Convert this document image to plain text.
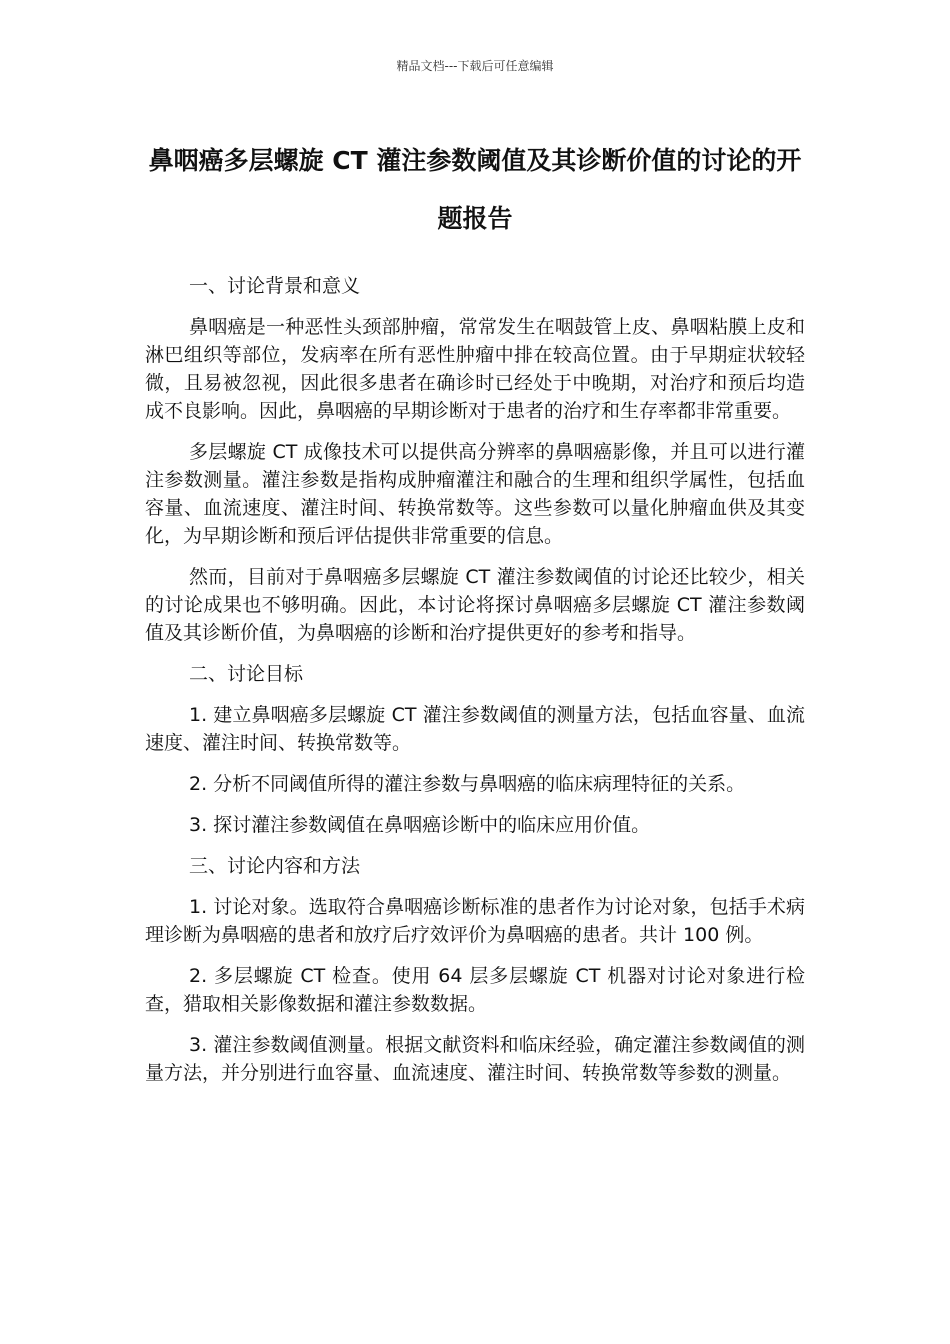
精品文档---下载后可任意编辑
鼻咽癌多层螺旋 CT 灌注参数阈值及其诊断价值的讨论的开题报告

一、讨论背景和意义

鼻咽癌是一种恶性头颈部肿瘤，常常发生在咽鼓管上皮、鼻咽粘膜上皮和淋巴组织等部位，发病率在所有恶性肿瘤中排在较高位置。由于早期症状较轻微，且易被忽视，因此很多患者在确诊时已经处于中晚期，对治疗和预后均造成不良影响。因此，鼻咽癌的早期诊断对于患者的治疗和生存率都非常重要。

多层螺旋 CT 成像技术可以提供高分辨率的鼻咽癌影像，并且可以进行灌注参数测量。灌注参数是指构成肿瘤灌注和融合的生理和组织学属性，包括血容量、血流速度、灌注时间、转换常数等。这些参数可以量化肿瘤血供及其变化，为早期诊断和预后评估提供非常重要的信息。

然而，目前对于鼻咽癌多层螺旋 CT 灌注参数阈值的讨论还比较少，相关的讨论成果也不够明确。因此，本讨论将探讨鼻咽癌多层螺旋 CT 灌注参数阈值及其诊断价值，为鼻咽癌的诊断和治疗提供更好的参考和指导。

二、讨论目标

1. 建立鼻咽癌多层螺旋 CT 灌注参数阈值的测量方法，包括血容量、血流速度、灌注时间、转换常数等。

2. 分析不同阈值所得的灌注参数与鼻咽癌的临床病理特征的关系。

3. 探讨灌注参数阈值在鼻咽癌诊断中的临床应用价值。

三、讨论内容和方法

1. 讨论对象。选取符合鼻咽癌诊断标准的患者作为讨论对象，包括手术病理诊断为鼻咽癌的患者和放疗后疗效评价为鼻咽癌的患者。共计 100 例。

2. 多层螺旋 CT 检查。使用 64 层多层螺旋 CT 机器对讨论对象进行检查，猎取相关影像数据和灌注参数数据。

3. 灌注参数阈值测量。根据文献资料和临床经验，确定灌注参数阈值的测量方法，并分别进行血容量、血流速度、灌注时间、转换常数等参数的测量。
